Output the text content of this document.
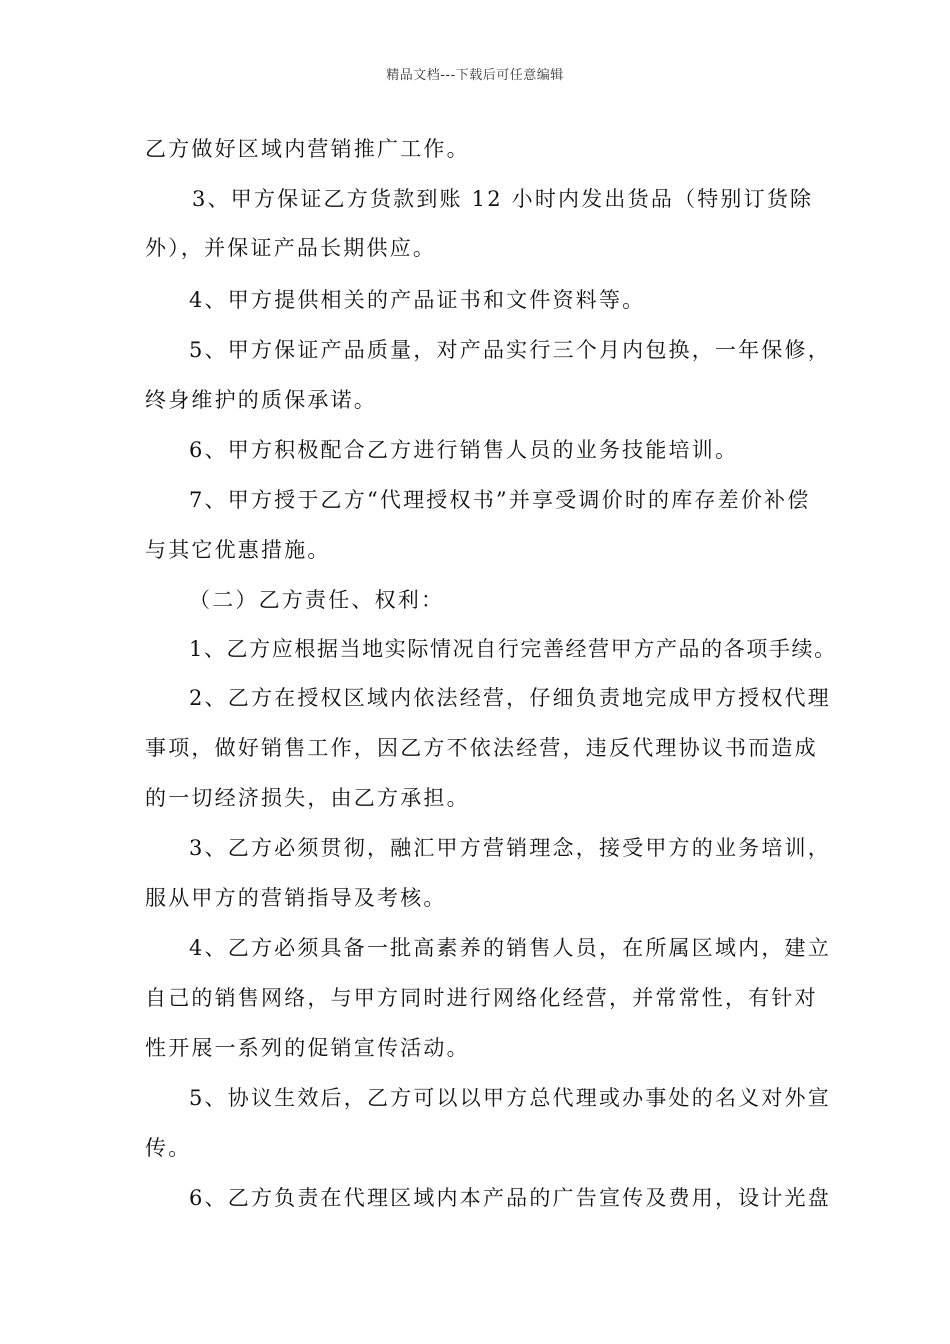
精品文档---下载后可任意编辑
乙方做好区域内营销推广工作。
3、甲方保证乙方货款到账 12 小时内发出货品（特别订货除
外），并保证产品长期供应。
4、甲方提供相关的产品证书和文件资料等。
5、甲方保证产品质量，对产品实行三个月内包换，一年保修，
终身维护的质保承诺。
6、甲方积极配合乙方进行销售人员的业务技能培训。
7、甲方授于乙方“代理授权书”并享受调价时的库存差价补偿
与其它优惠措施。
（二）乙方责任、权利：
1、乙方应根据当地实际情况自行完善经营甲方产品的各项手续。
2、乙方在授权区域内依法经营，仔细负责地完成甲方授权代理
事项，做好销售工作，因乙方不依法经营，违反代理协议书而造成
的一切经济损失，由乙方承担。
3、乙方必须贯彻，融汇甲方营销理念，接受甲方的业务培训，
服从甲方的营销指导及考核。
4、乙方必须具备一批高素养的销售人员，在所属区域内，建立
自己的销售网络，与甲方同时进行网络化经营，并常常性，有针对
性开展一系列的促销宣传活动。
5、协议生效后，乙方可以以甲方总代理或办事处的名义对外宣
传。
6、乙方负责在代理区域内本产品的广告宣传及费用，设计光盘
